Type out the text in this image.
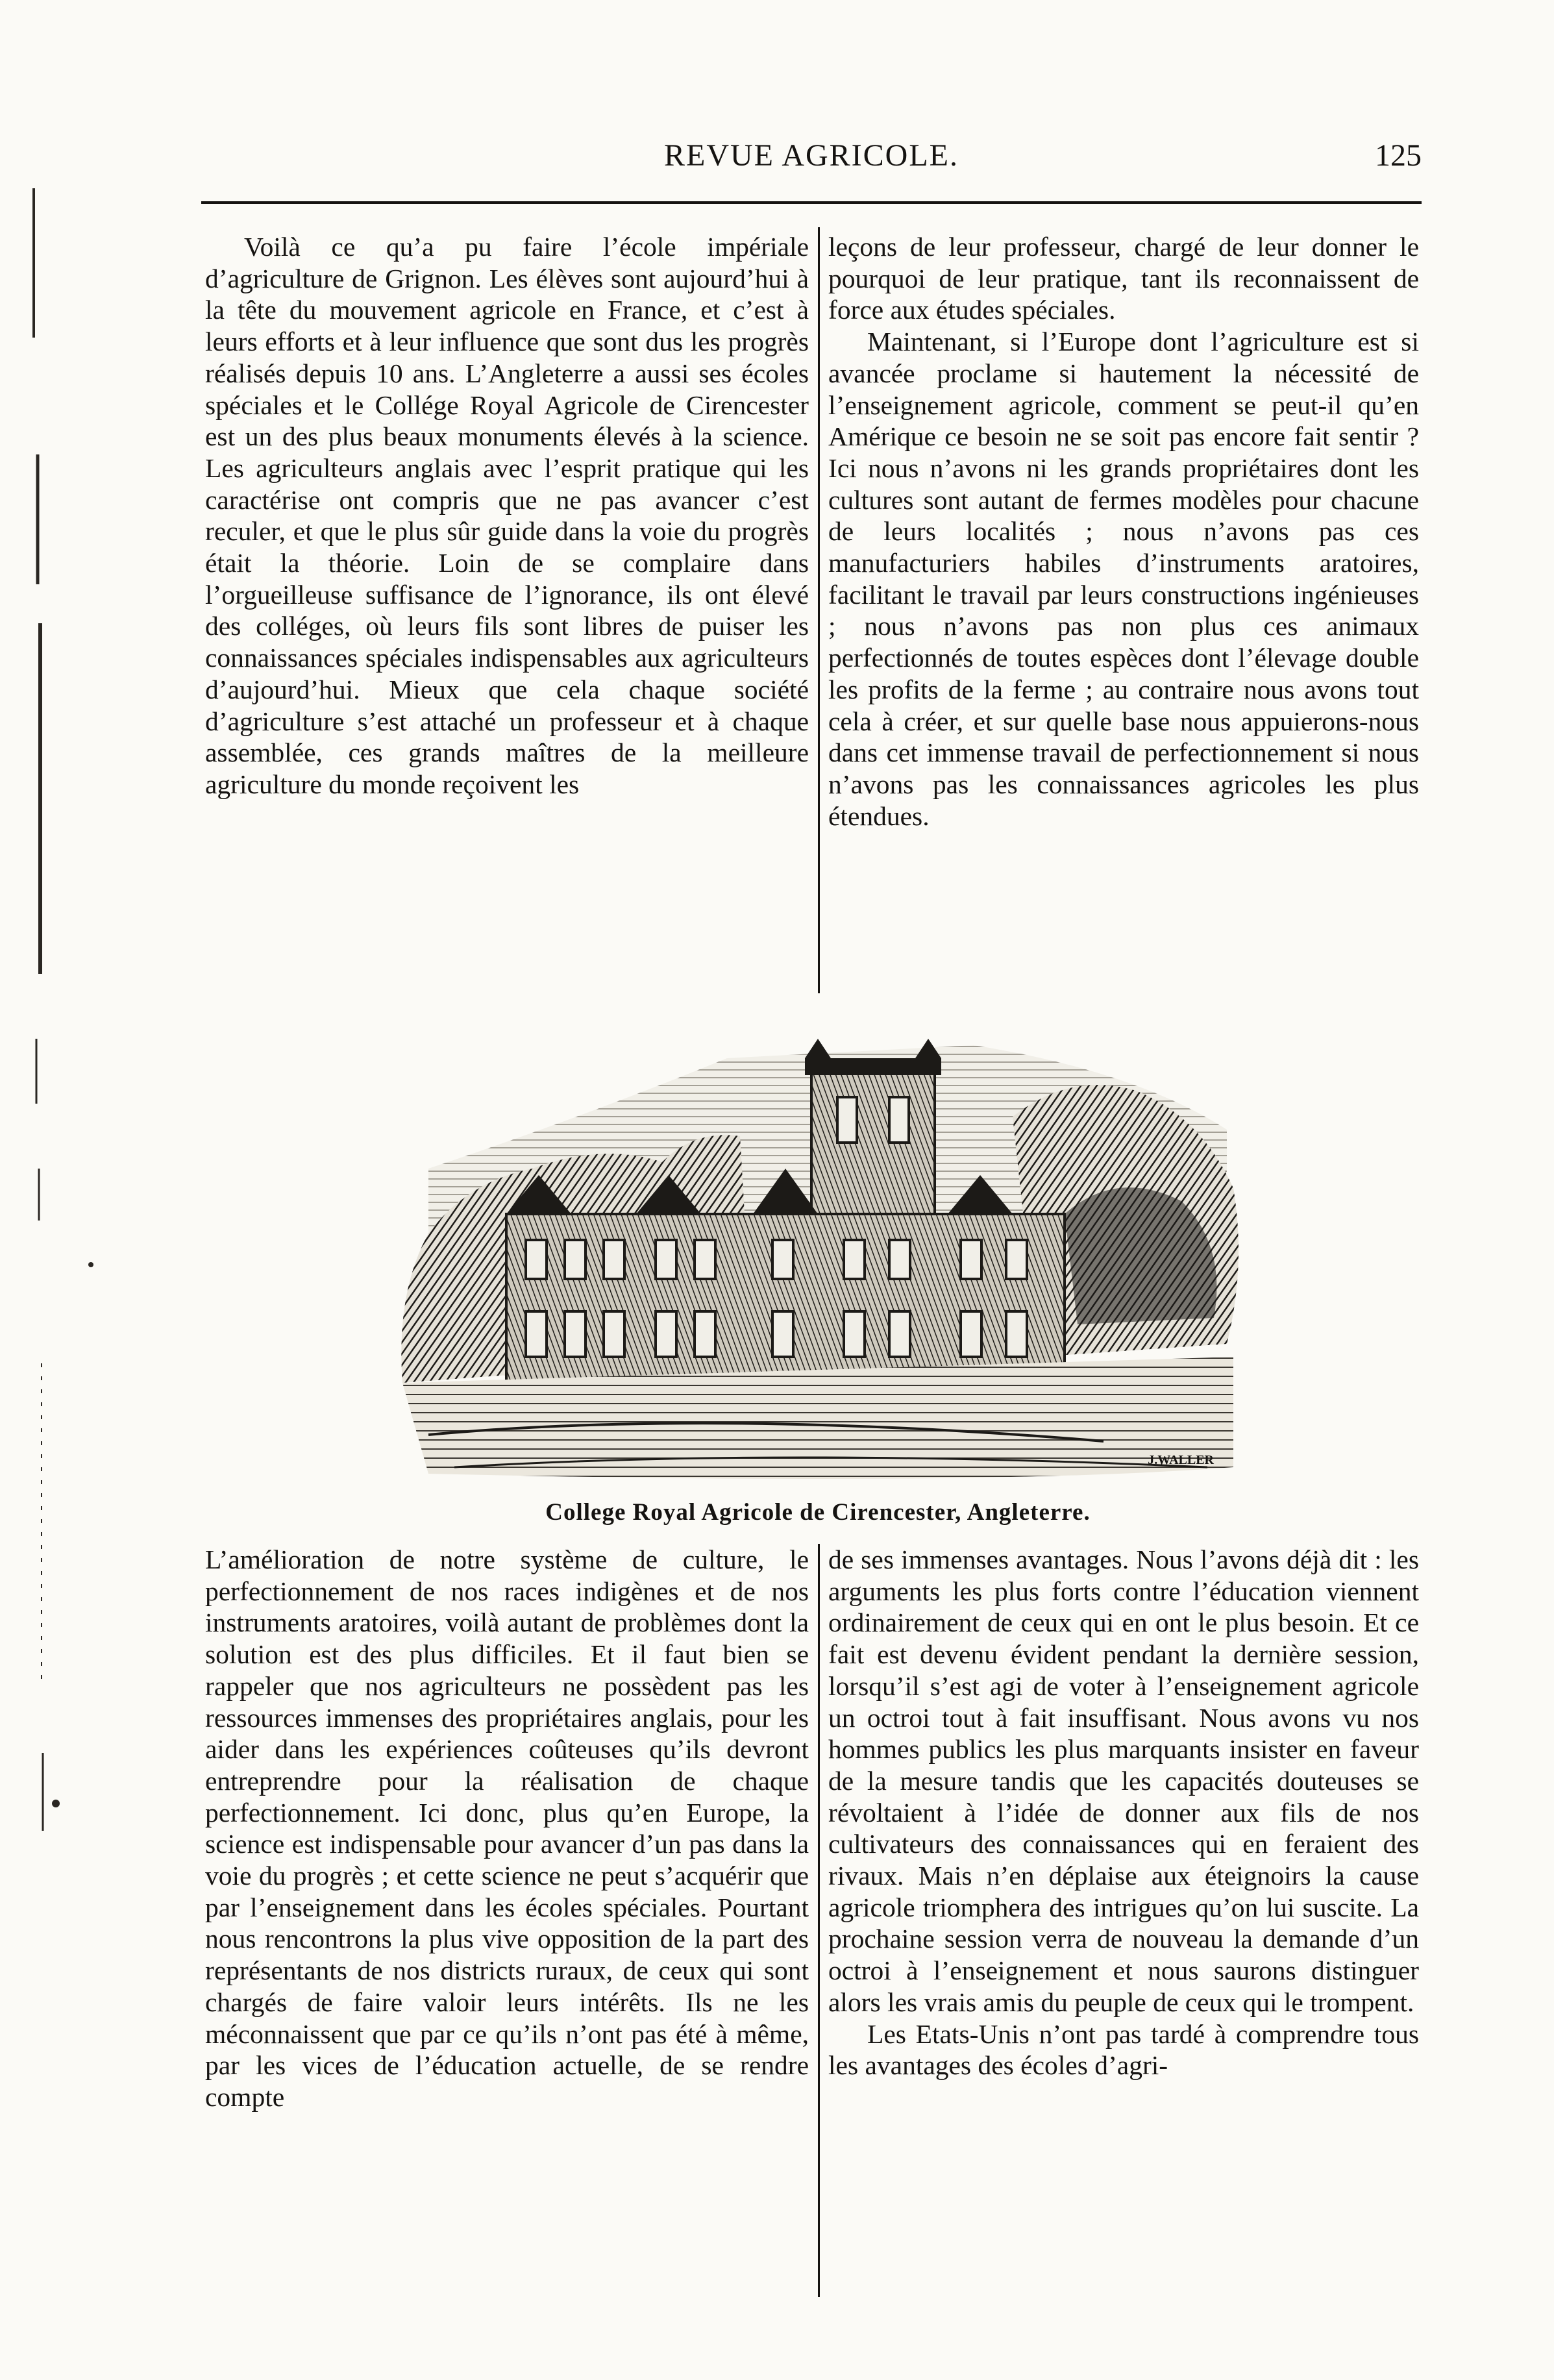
REVUE AGRICOLE.	125

Voilà ce qu’a pu faire l’école impériale d’agriculture de Grignon. Les élèves sont aujourd’hui à la tête du mouvement agricole en France, et c’est à leurs efforts et à leur influence que sont dus les progrès réalisés depuis 10 ans. L’Angleterre a aussi ses écoles spéciales et le Collége Royal Agricole de Cirencester est un des plus beaux monuments élevés à la science. Les agriculteurs anglais avec l’esprit pratique qui les caractérise ont compris que ne pas avancer c’est reculer, et que le plus sûr guide dans la voie du progrès était la théorie. Loin de se complaire dans l’orgueilleuse suffisance de l’ignorance, ils ont élevé des colléges, où leurs fils sont libres de puiser les connaissances spéciales indispensables aux agriculteurs d’aujourd’hui. Mieux que cela chaque société d’agriculture s’est attaché un professeur et à chaque assemblée, ces grands maîtres de la meilleure agriculture du monde reçoivent les

leçons de leur professeur, chargé de leur donner le pourquoi de leur pratique, tant ils reconnaissent de force aux études spéciales.

Maintenant, si l’Europe dont l’agriculture est si avancée proclame si hautement la nécessité de l’enseignement agricole, comment se peut-il qu’en Amérique ce besoin ne se soit pas encore fait sentir ? Ici nous n’avons ni les grands propriétaires dont les cultures sont autant de fermes modèles pour chacune de leurs localités ; nous n’avons pas ces manufacturiers habiles d’instruments aratoires, facilitant le travail par leurs constructions ingénieuses ; nous n’avons pas non plus ces animaux perfectionnés de toutes espèces dont l’élevage double les profits de la ferme ; au contraire nous avons tout cela à créer, et sur quelle base nous appuierons-nous dans cet immense travail de perfectionnement si nous n’avons pas les connaissances agricoles les plus étendues.

J.WALLER
College Royal Agricole de Cirencester, Angleterre.

L’amélioration de notre système de culture, le perfectionnement de nos races indigènes et de nos instruments aratoires, voilà autant de problèmes dont la solution est des plus difficiles. Et il faut bien se rappeler que nos agriculteurs ne possèdent pas les ressources immenses des propriétaires anglais, pour les aider dans les expériences coûteuses qu’ils devront entreprendre pour la réalisation de chaque perfectionnement. Ici donc, plus qu’en Europe, la science est indispensable pour avancer d’un pas dans la voie du progrès ; et cette science ne peut s’acquérir que par l’enseignement dans les écoles spéciales. Pourtant nous rencontrons la plus vive opposition de la part des représentants de nos districts ruraux, de ceux qui sont chargés de faire valoir leurs intérêts. Ils ne les méconnaissent que par ce qu’ils n’ont pas été à même, par les vices de l’éducation actuelle, de se rendre compte

de ses immenses avantages. Nous l’avons déjà dit : les arguments les plus forts contre l’éducation viennent ordinairement de ceux qui en ont le plus besoin. Et ce fait est devenu évident pendant la dernière session, lorsqu’il s’est agi de voter à l’enseignement agricole un octroi tout à fait insuffisant. Nous avons vu nos hommes publics les plus marquants insister en faveur de la mesure tandis que les capacités douteuses se révoltaient à l’idée de donner aux fils de nos cultivateurs des connaissances qui en feraient des rivaux. Mais n’en déplaise aux éteignoirs la cause agricole triomphera des intrigues qu’on lui suscite. La prochaine session verra de nouveau la demande d’un octroi à l’enseignement et nous saurons distinguer alors les vrais amis du peuple de ceux qui le trompent.

Les Etats-Unis n’ont pas tardé à comprendre tous les avantages des écoles d’agri-
